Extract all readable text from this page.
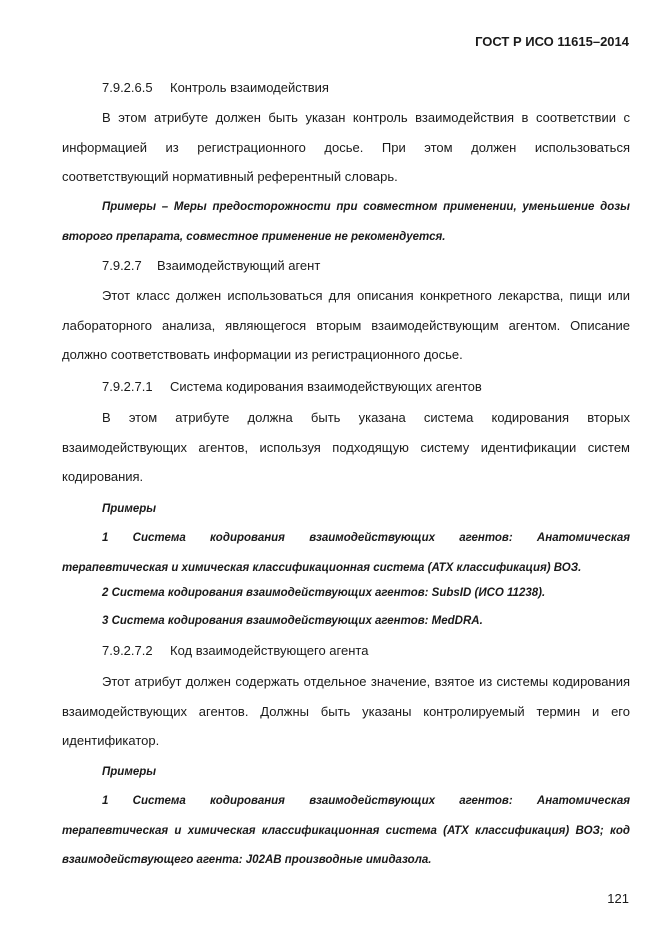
ГОСТ Р ИСО 11615–2014
7.9.2.6.5 Контроль взаимодействия
В этом атрибуте должен быть указан контроль взаимодействия в соответствии с информацией из регистрационного досье. При этом должен использоваться соответствующий нормативный референтный словарь.
Примеры – Меры предосторожности при совместном применении, уменьшение дозы второго препарата, совместное применение не рекомендуется.
7.9.2.7 Взаимодействующий агент
Этот класс должен использоваться для описания конкретного лекарства, пищи или лабораторного анализа, являющегося вторым взаимодействующим агентом. Описание должно соответствовать информации из регистрационного досье.
7.9.2.7.1 Система кодирования взаимодействующих агентов
В этом атрибуте должна быть указана система кодирования вторых взаимодействующих агентов, используя подходящую систему идентификации систем кодирования.
Примеры
1 Система кодирования взаимодействующих агентов: Анатомическая терапевтическая и химическая классификационная система (АТХ классификация) ВОЗ.
2 Система кодирования взаимодействующих агентов: SubsID (ИСО 11238).
3 Система кодирования взаимодействующих агентов: MedDRA.
7.9.2.7.2 Код взаимодействующего агента
Этот атрибут должен содержать отдельное значение, взятое из системы кодирования взаимодействующих агентов. Должны быть указаны контролируемый термин и его идентификатор.
Примеры
1 Система кодирования взаимодействующих агентов: Анатомическая терапевтическая и химическая классификационная система (АТХ классификация) ВОЗ; код взаимодействующего агента: J02AB производные имидазола.
121
